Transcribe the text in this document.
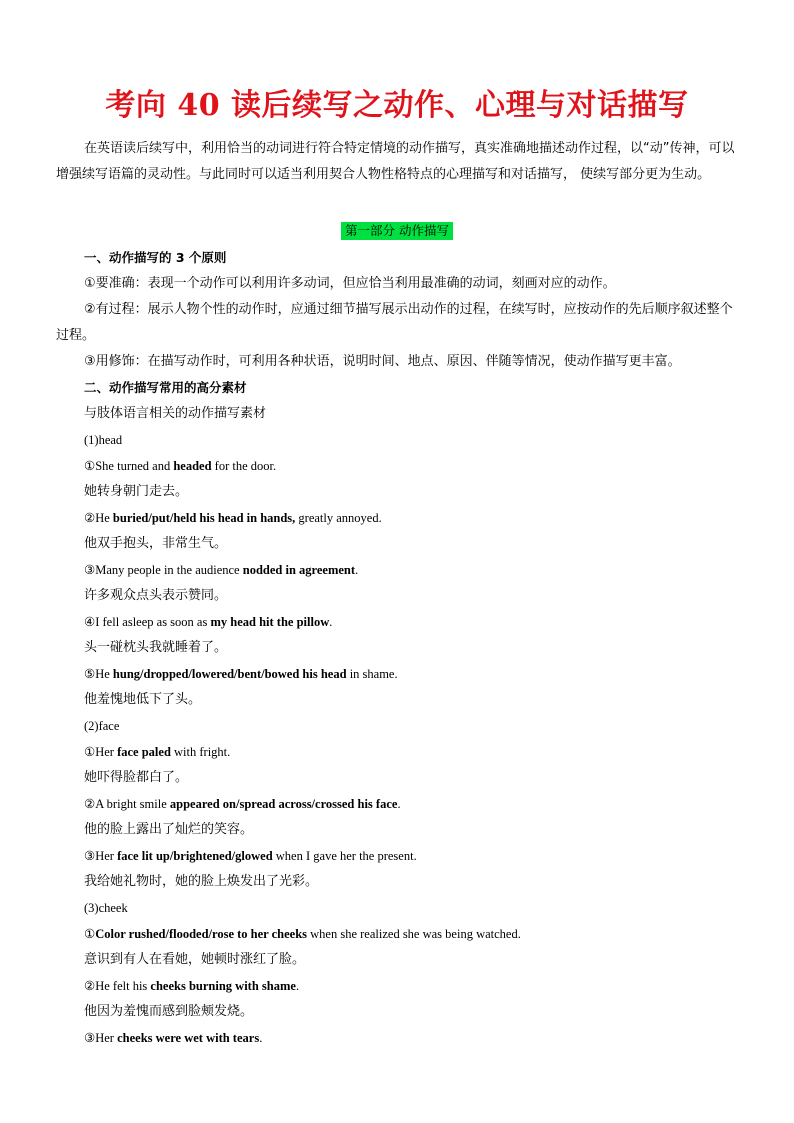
考向 40 读后续写之动作、心理与对话描写
在英语读后续写中，利用恰当的动词进行符合特定情境的动作描写，真实准确地描述动作过程，以“动”传神，可以增强续写语篇的灵动性。与此同时可以适当利用契合人物性格特点的心理描写和对话描写， 使续写部分更为生动。
第一部分 动作描写
一、动作描写的 3 个原则
①要准确：表现一个动作可以利用许多动词，但应恰当利用最准确的动词，刻画对应的动作。
②有过程：展示人物个性的动作时，应通过细节描写展示出动作的过程，在续写时，应按动作的先后顺序叙述整个过程。
③用修饰：在描写动作时，可利用各种状语，说明时间、地点、原因、伴随等情况，使动作描写更丰富。
二、动作描写常用的高分素材
与肢体语言相关的动作描写素材
(1)head
①She turned and headed for the door.
她转身朝门走去。
②He buried/put/held his head in hands, greatly annoyed.
他双手抱头，非常生气。
③Many people in the audience nodded in agreement.
许多观众点头表示赞同。
④I fell asleep as soon as my head hit the pillow.
头一碰枕头我就睡着了。
⑤He hung/dropped/lowered/bent/bowed his head in shame.
他羞愧地低下了头。
(2)face
①Her face paled with fright.
她吓得脸都白了。
②A bright smile appeared on/spread across/crossed his face.
他的脸上露出了灿烂的笑容。
③Her face lit up/brightened/glowed when I gave her the present.
我给她礼物时，她的脸上焕发出了光彩。
(3)cheek
①Color rushed/flooded/rose to her cheeks when she realized she was being watched.
意识到有人在看她，她顿时涨红了脸。
②He felt his cheeks burning with shame.
他因为羞愧而感到脸颊发烧。
③Her cheeks were wet with tears.
